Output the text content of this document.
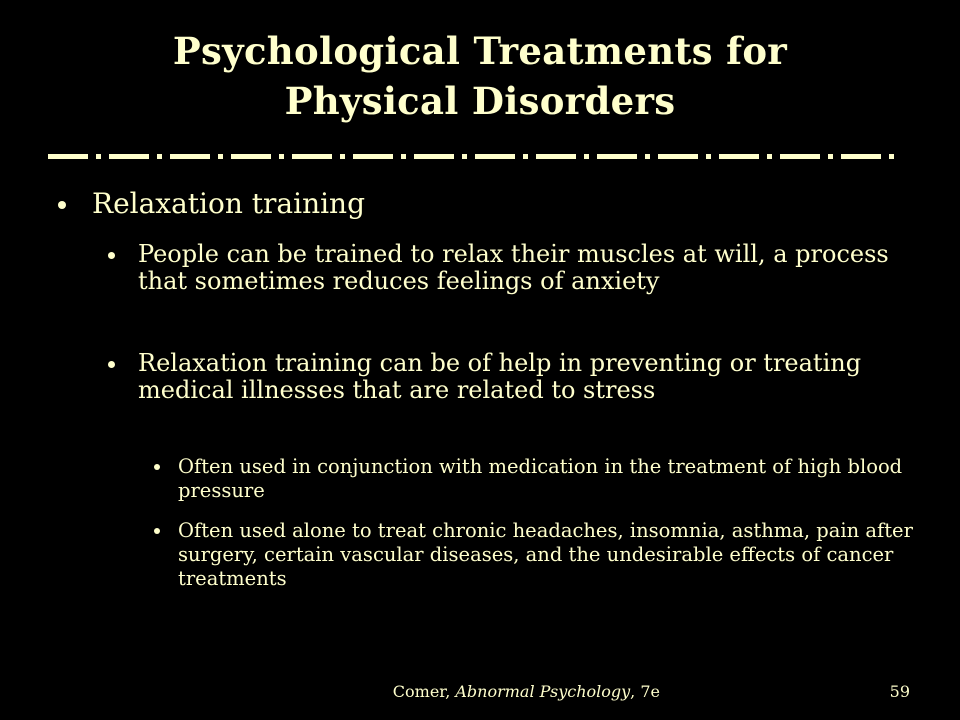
Psychological Treatments for
Physical Disorders
Relaxation training
People can be trained to relax their muscles at will, a process that sometimes reduces feelings of anxiety
Relaxation training can be of help in preventing or treating medical illnesses that are related to stress
Often used in conjunction with medication in the treatment of high blood pressure
Often used alone to treat chronic headaches, insomnia, asthma, pain after surgery, certain vascular diseases, and the undesirable effects of cancer treatments
Comer, Abnormal Psychology, 7e	59
